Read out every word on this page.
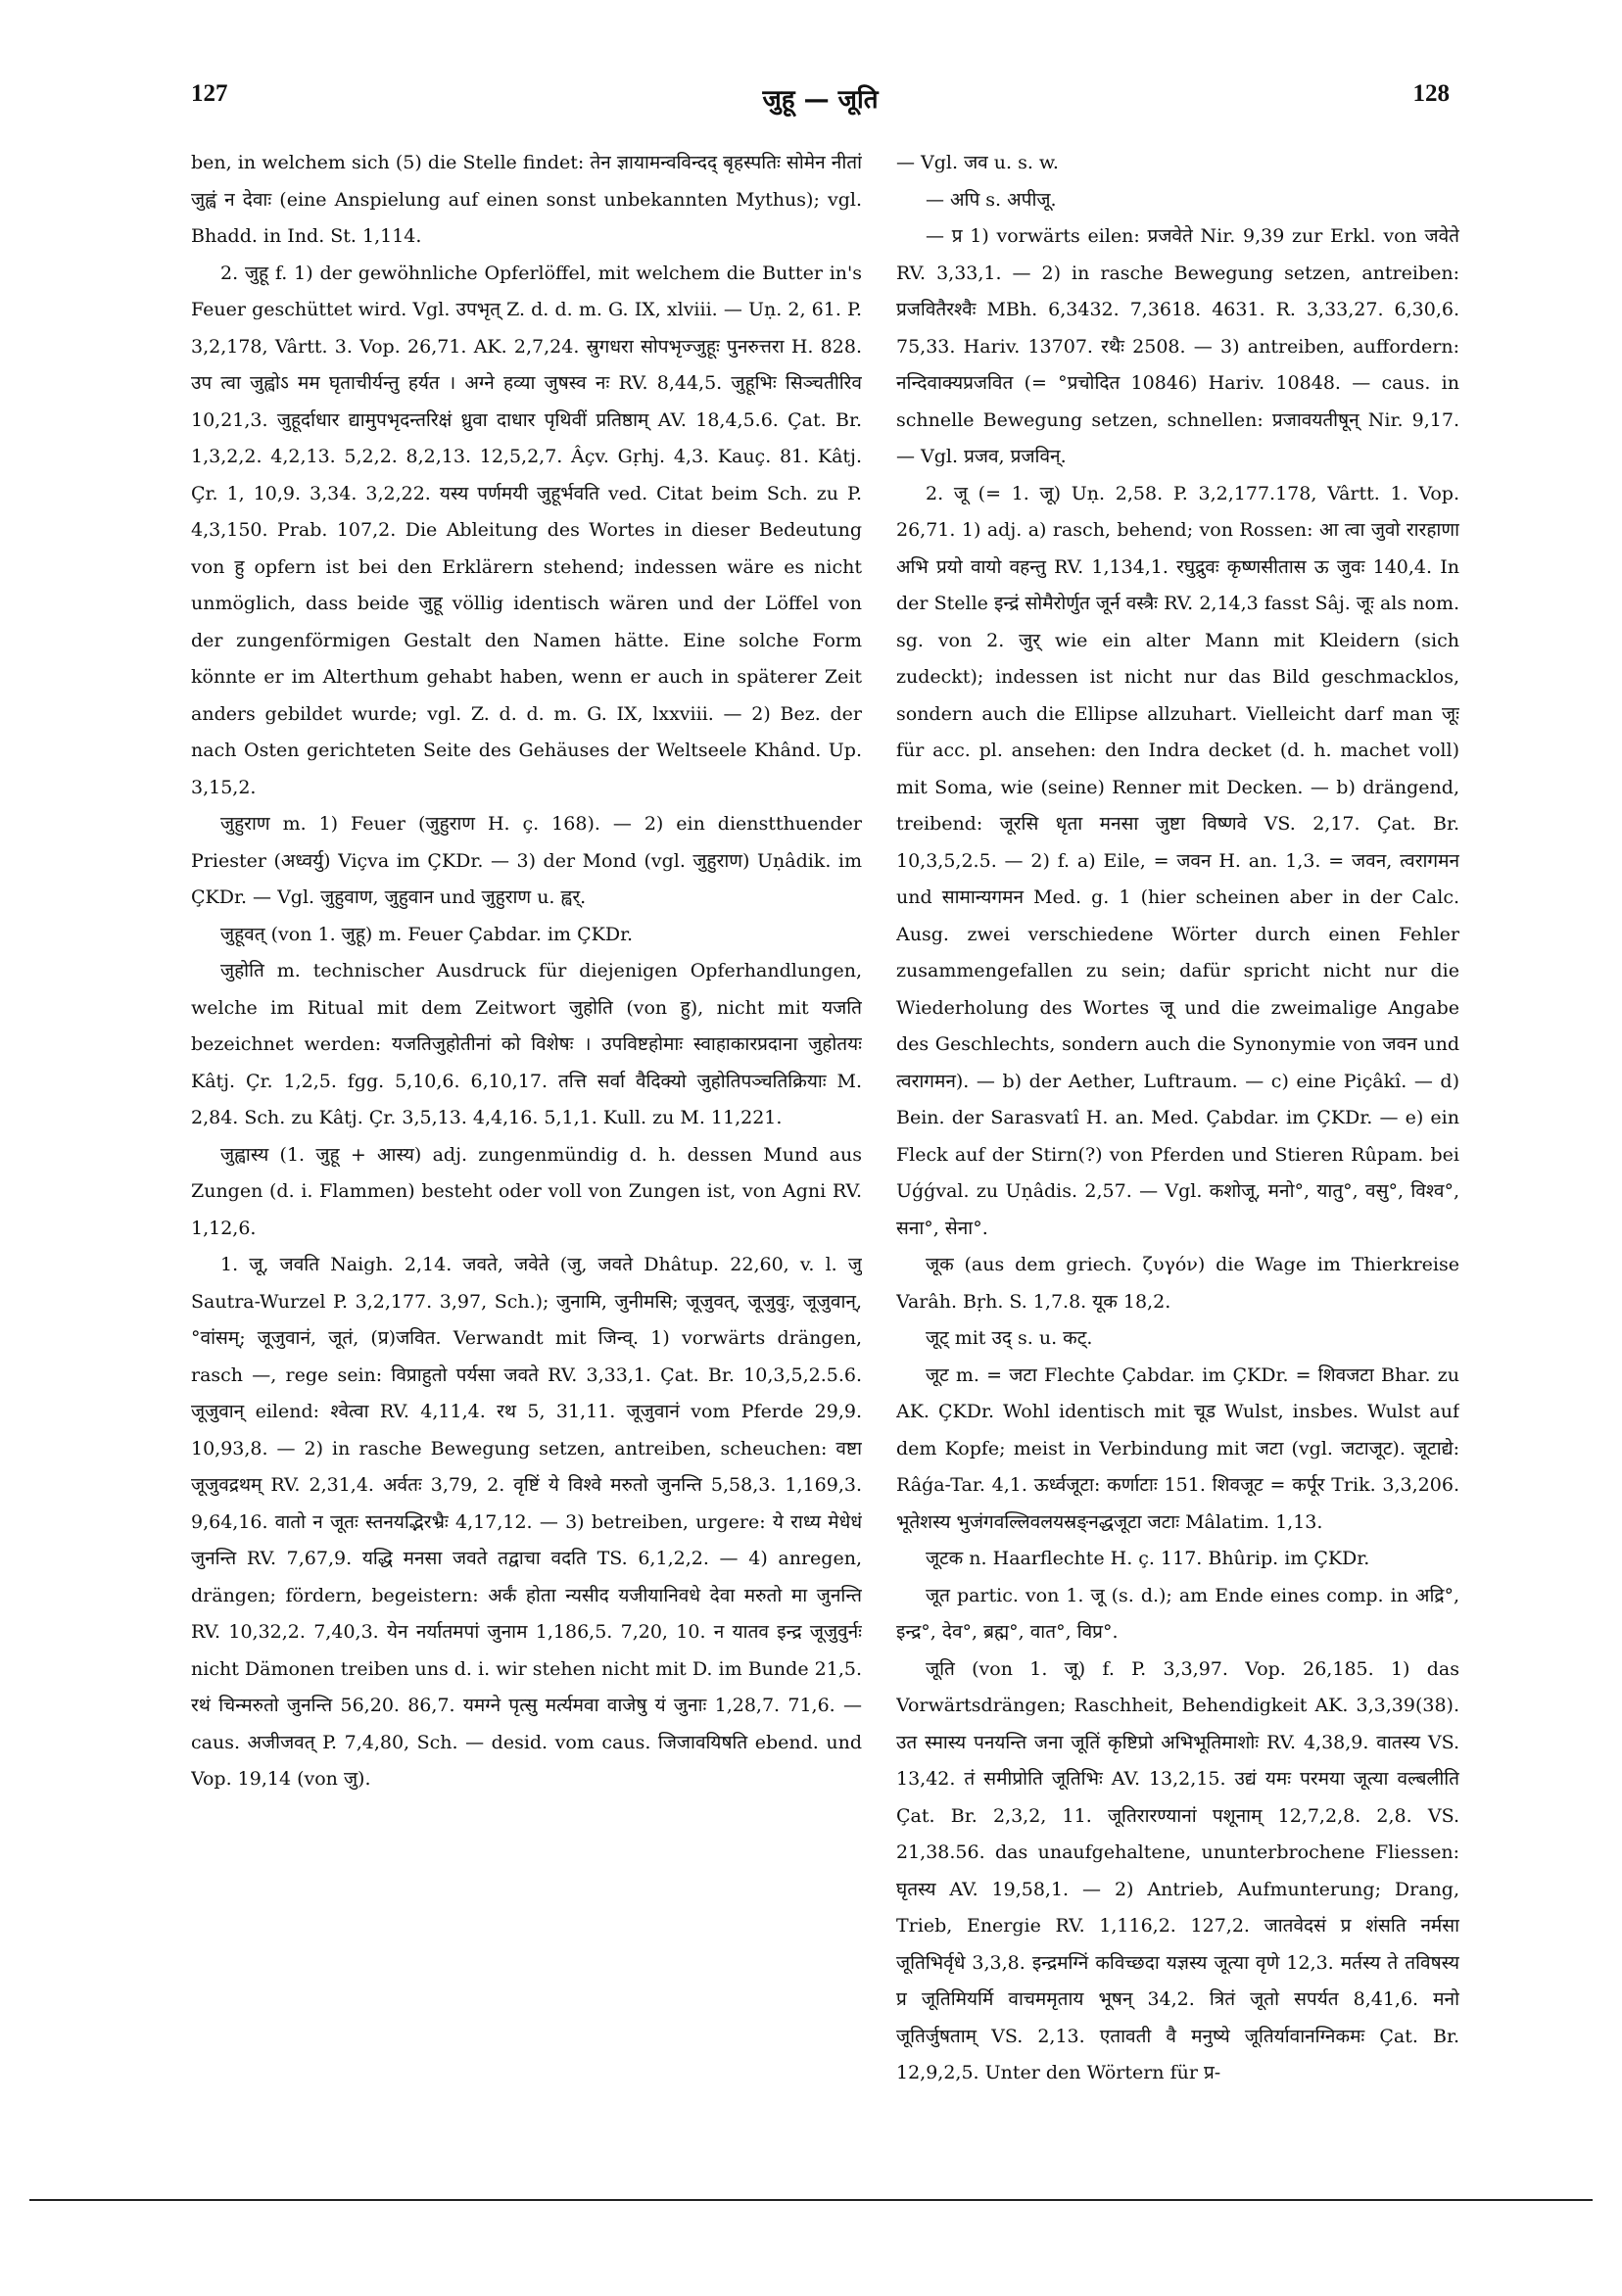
127	जुहू — जूति	128

ben, in welchem sich (5) die Stelle findet: तेन ज्ञायामन्वविन्दद् बृहस्पतिः सोमेन नीतां जुह्वं न देवाः (eine Anspielung auf einen sonst unbekannten Mythus); vgl. Bhadd. in Ind. St. 1,114.

2. जुहू f. 1) der gewöhnliche Opferlöffel, mit welchem die Butter in's Feuer geschüttet wird. Vgl. उपभृत् Z. d. d. m. G. IX, xlviii. — Uṇ. 2, 61. P. 3,2,178, Vârtt. 3. Vop. 26,71. AK. 2,7,24. स्रुगधरा सोपभृज्जुहूः पुनरुत्तरा H. 828. उप त्वा जुह्वोऽ मम घृताचीर्यन्तु हर्यत । अग्ने हव्या जुषस्व नः RV. 8,44,5. जुहूभिः सिञ्चतीरिव 10,21,3. जुहूर्दाधार द्यामुपभृदन्तरिक्षं ध्रुवा दाधार पृथिवीं प्रतिष्ठाम् AV. 18,4,5.6. Çat. Br. 1,3,2,2. 4,2,13. 5,2,2. 8,2,13. 12,5,2,7. Âçv. Gṛhj. 4,3. Kauç. 81. Kâtj. Çr. 1, 10,9. 3,34. 3,2,22. यस्य पर्णमयी जुहूर्भवति ved. Citat beim Sch. zu P. 4,3,150. Prab. 107,2. Die Ableitung des Wortes in dieser Bedeutung von हु opfern ist bei den Erklärern stehend; indessen wäre es nicht unmöglich, dass beide जुहू völlig identisch wären und der Löffel von der zungenförmigen Gestalt den Namen hätte. Eine solche Form könnte er im Alterthum gehabt haben, wenn er auch in späterer Zeit anders gebildet wurde; vgl. Z. d. d. m. G. IX, lxxviii. — 2) Bez. der nach Osten gerichteten Seite des Gehäuses der Weltseele Khând. Up. 3,15,2.

जुहुराण m. 1) Feuer (जुहुराण H. ç. 168). — 2) ein dienstthuender Priester (अध्वर्यु) Viçva im ÇKDr. — 3) der Mond (vgl. जुहुराण) Uṇâdik. im ÇKDr. — Vgl. जुहुवाण, जुहुवान und जुहुराण u. ह्वर्.

जुहूवत् (von 1. जुहू) m. Feuer Çabdar. im ÇKDr.

जुहोति m. technischer Ausdruck für diejenigen Opferhandlungen, welche im Ritual mit dem Zeitwort जुहोति (von हु), nicht mit यजति bezeichnet werden: यजतिजुहोतीनां को विशेषः । उपविष्टहोमाः स्वाहाकारप्रदाना जुहोतयः Kâtj. Çr. 1,2,5. fgg. 5,10,6. 6,10,17. तत्ति सर्वा वैदिक्यो जुहोतिपञ्चतिक्रियाः M. 2,84. Sch. zu Kâtj. Çr. 3,5,13. 4,4,16. 5,1,1. Kull. zu M. 11,221.

जुह्वास्य (1. जुहू + आस्य) adj. zungenmündig d. h. dessen Mund aus Zungen (d. i. Flammen) besteht oder voll von Zungen ist, von Agni RV. 1,12,6.

1. जू, जवति Naigh. 2,14. जवते, जवेते (जु, जवते Dhâtup. 22,60, v. l. जु Sautra-Wurzel P. 3,2,177. 3,97, Sch.); जुनामि, जुनीमसि; जूजुवत्, जूजुवुः, जूजुवान्, °वांसम्; जूजुवानं, जूतं, (प्र)जवित. Verwandt mit जिन्व्. 1) vorwärts drängen, rasch —, rege sein: विप्राहुतो पर्यसा जवते RV. 3,33,1. Çat. Br. 10,3,5,2.5.6. जूजुवान् eilend: श्वेत्वा RV. 4,11,4. रथ 5, 31,11. जूजुवानं vom Pferde 29,9. 10,93,8. — 2) in rasche Bewegung setzen, antreiben, scheuchen: वष्टा जूजुवद्रथम् RV. 2,31,4. अर्वतः 3,79, 2. वृष्टिं ये विश्वे मरुतो जुनन्ति 5,58,3. 1,169,3. 9,64,16. वातो न जूतः स्तनयद्भिरभ्रैः 4,17,12. — 3) betreiben, urgere: ये राध्य मेधेधं जुनन्ति RV. 7,67,9. यद्धि मनसा जवते तद्वाचा वदति TS. 6,1,2,2. — 4) anregen, drängen; fördern, begeistern: अर्कं होता न्यसीद यजीयानिवधे देवा मरुतो मा जुनन्ति RV. 10,32,2. 7,40,3. येन नर्यातमपां जुनाम 1,186,5. 7,20, 10. न यातव इन्द्र जूजुवुर्नः nicht Dämonen treiben uns d. i. wir stehen nicht mit D. im Bunde 21,5. रथं चिन्मरुतो जुनन्ति 56,20. 86,7. यमग्ने पृत्सु मर्त्यमवा वाजेषु यं जुनाः 1,28,7. 71,6. — caus. अजीजवत् P. 7,4,80, Sch. — desid. vom caus. जिजावयिषति ebend. und Vop. 19,14 (von जु).

— Vgl. जव u. s. w.

— अपि s. अपीजू.

— प्र 1) vorwärts eilen: प्रजवेते Nir. 9,39 zur Erkl. von जवेते RV. 3,33,1. — 2) in rasche Bewegung setzen, antreiben: प्रजवितैरश्वैः MBh. 6,3432. 7,3618. 4631. R. 3,33,27. 6,30,6. 75,33. Hariv. 13707. रथैः 2508. — 3) antreiben, auffordern: नन्दिवाक्यप्रजवित (= °प्रचोदित 10846) Hariv. 10848. — caus. in schnelle Bewegung setzen, schnellen: प्रजावयतीषून् Nir. 9,17. — Vgl. प्रजव, प्रजविन्.

2. जू (= 1. जू) Uṇ. 2,58. P. 3,2,177.178, Vârtt. 1. Vop. 26,71. 1) adj. a) rasch, behend; von Rossen: आ त्वा जुवो रारहाणा अभि प्रयो वायो वहन्तु RV. 1,134,1. रघुद्रुवः कृष्णसीतास ऊ जुवः 140,4. In der Stelle इन्द्रं सोमैरोर्णुत जूर्न वस्त्रैः RV. 2,14,3 fasst Sâj. जूः als nom. sg. von 2. जुर् wie ein alter Mann mit Kleidern (sich zudeckt); indessen ist nicht nur das Bild geschmacklos, sondern auch die Ellipse allzuhart. Vielleicht darf man जूः für acc. pl. ansehen: den Indra decket (d. h. machet voll) mit Soma, wie (seine) Renner mit Decken. — b) drängend, treibend: जूरसि धृता मनसा जुष्टा विष्णवे VS. 2,17. Çat. Br. 10,3,5,2.5. — 2) f. a) Eile, = जवन H. an. 1,3. = जवन, त्वरागमन und सामान्यगमन Med. g. 1 (hier scheinen aber in der Calc. Ausg. zwei verschiedene Wörter durch einen Fehler zusammengefallen zu sein; dafür spricht nicht nur die Wiederholung des Wortes जू und die zweimalige Angabe des Geschlechts, sondern auch die Synonymie von जवन und त्वरागमन). — b) der Aether, Luftraum. — c) eine Piçâkî. — d) Bein. der Sarasvatî H. an. Med. Çabdar. im ÇKDr. — e) ein Fleck auf der Stirn(?) von Pferden und Stieren Rûpam. bei Uǵǵval. zu Uṇâdis. 2,57. — Vgl. कशोजू, मनो°, यातु°, वसु°, विश्व°, सना°, सेना°.

जूक (aus dem griech. ζυγόν) die Wage im Thierkreise Varâh. Bṛh. S. 1,7.8. यूक 18,2.

जूट् mit उद् s. u. कट्.

जूट m. = जटा Flechte Çabdar. im ÇKDr. = शिवजटा Bhar. zu AK. ÇKDr. Wohl identisch mit चूड Wulst, insbes. Wulst auf dem Kopfe; meist in Verbindung mit जटा (vgl. जटाजूट). जूटाद्ये: Râǵa-Tar. 4,1. ऊर्ध्वजूटा: कर्णाटाः 151. शिवजूट = कर्पूर Trik. 3,3,206. भूतेशस्य भुजंगवल्लिवलयस्रङ्नद्धजूटा जटाः Mâlatim. 1,13.

जूटक n. Haarflechte H. ç. 117. Bhûrip. im ÇKDr.

जूत partic. von 1. जू (s. d.); am Ende eines comp. in अद्रि°, इन्द्र°, देव°, ब्रह्म°, वात°, विप्र°.

जूति (von 1. जू) f. P. 3,3,97. Vop. 26,185. 1) das Vorwärtsdrängen; Raschheit, Behendigkeit AK. 3,3,39(38). उत स्मास्य पनयन्ति जना जूतिं कृष्टिप्रो अभिभूतिमाशोः RV. 4,38,9. वातस्य VS. 13,42. तं समीप्रोति जूतिभिः AV. 13,2,15. उद्यं यमः परमया जूत्या वल्बलीति Çat. Br. 2,3,2, 11. जूतिरारण्यानां पशूनाम् 12,7,2,8. 2,8. VS. 21,38.56. das unaufgehaltene, ununterbrochene Fliessen: घृतस्य AV. 19,58,1. — 2) Antrieb, Aufmunterung; Drang, Trieb, Energie RV. 1,116,2. 127,2. जातवेदसं प्र शंसति नर्मसा जूतिभिर्वृधे 3,3,8. इन्द्रमग्निं कविच्छदा यज्ञस्य जूत्या वृणे 12,3. मर्तस्य ते तविषस्य प्र जूतिमियर्मि वाचममृताय भूषन् 34,2. त्रितं जूतो सपर्यत 8,41,6. मनो जूतिर्जुषताम् VS. 2,13. एतावती वै मनुष्ये जूतिर्यावानग्निकमः Çat. Br. 12,9,2,5. Unter den Wörtern für प्र-
